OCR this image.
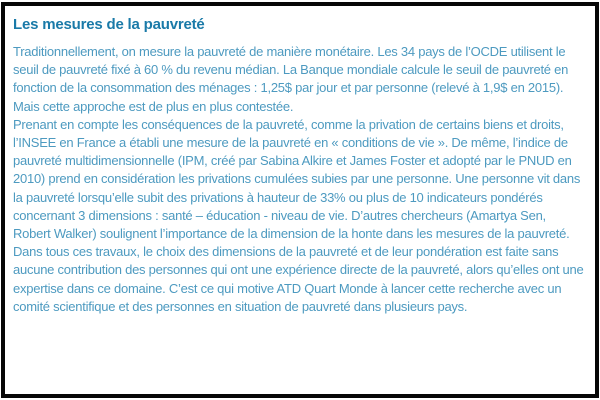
Les mesures de la pauvreté

Traditionnellement, on mesure la pauvreté de manière monétaire. Les 34 pays de l’OCDE utilisent le seuil de pauvreté fixé à 60 % du revenu médian. La Banque mondiale calcule le seuil de pauvreté en fonction de la consommation des ménages : 1,25$ par jour et par personne (relevé à 1,9$ en 2015). Mais cette approche est de plus en plus contestée.

Prenant en compte les conséquences de la pauvreté, comme la privation de certains biens et droits, l’INSEE en France a établi une mesure de la pauvreté en « conditions de vie ». De même, l’indice de pauvreté multidimensionnelle (IPM, créé par Sabina Alkire et James Foster et adopté par le PNUD en 2010) prend en considération les privations cumulées subies par une personne. Une personne vit dans la pauvreté lorsqu’elle subit des privations à hauteur de 33% ou plus de 10 indicateurs pondérés concernant 3 dimensions : santé – éducation - niveau de vie. D’autres chercheurs (Amartya Sen, Robert Walker) soulignent l’importance de la dimension de la honte dans les mesures de la pauvreté.

Dans tous ces travaux, le choix des dimensions de la pauvreté et de leur pondération est faite sans aucune contribution des personnes qui ont une expérience directe de la pauvreté, alors qu’elles ont une expertise dans ce domaine. C’est ce qui motive ATD Quart Monde à lancer cette recherche avec un comité scientifique et des personnes en situation de pauvreté dans plusieurs pays.
